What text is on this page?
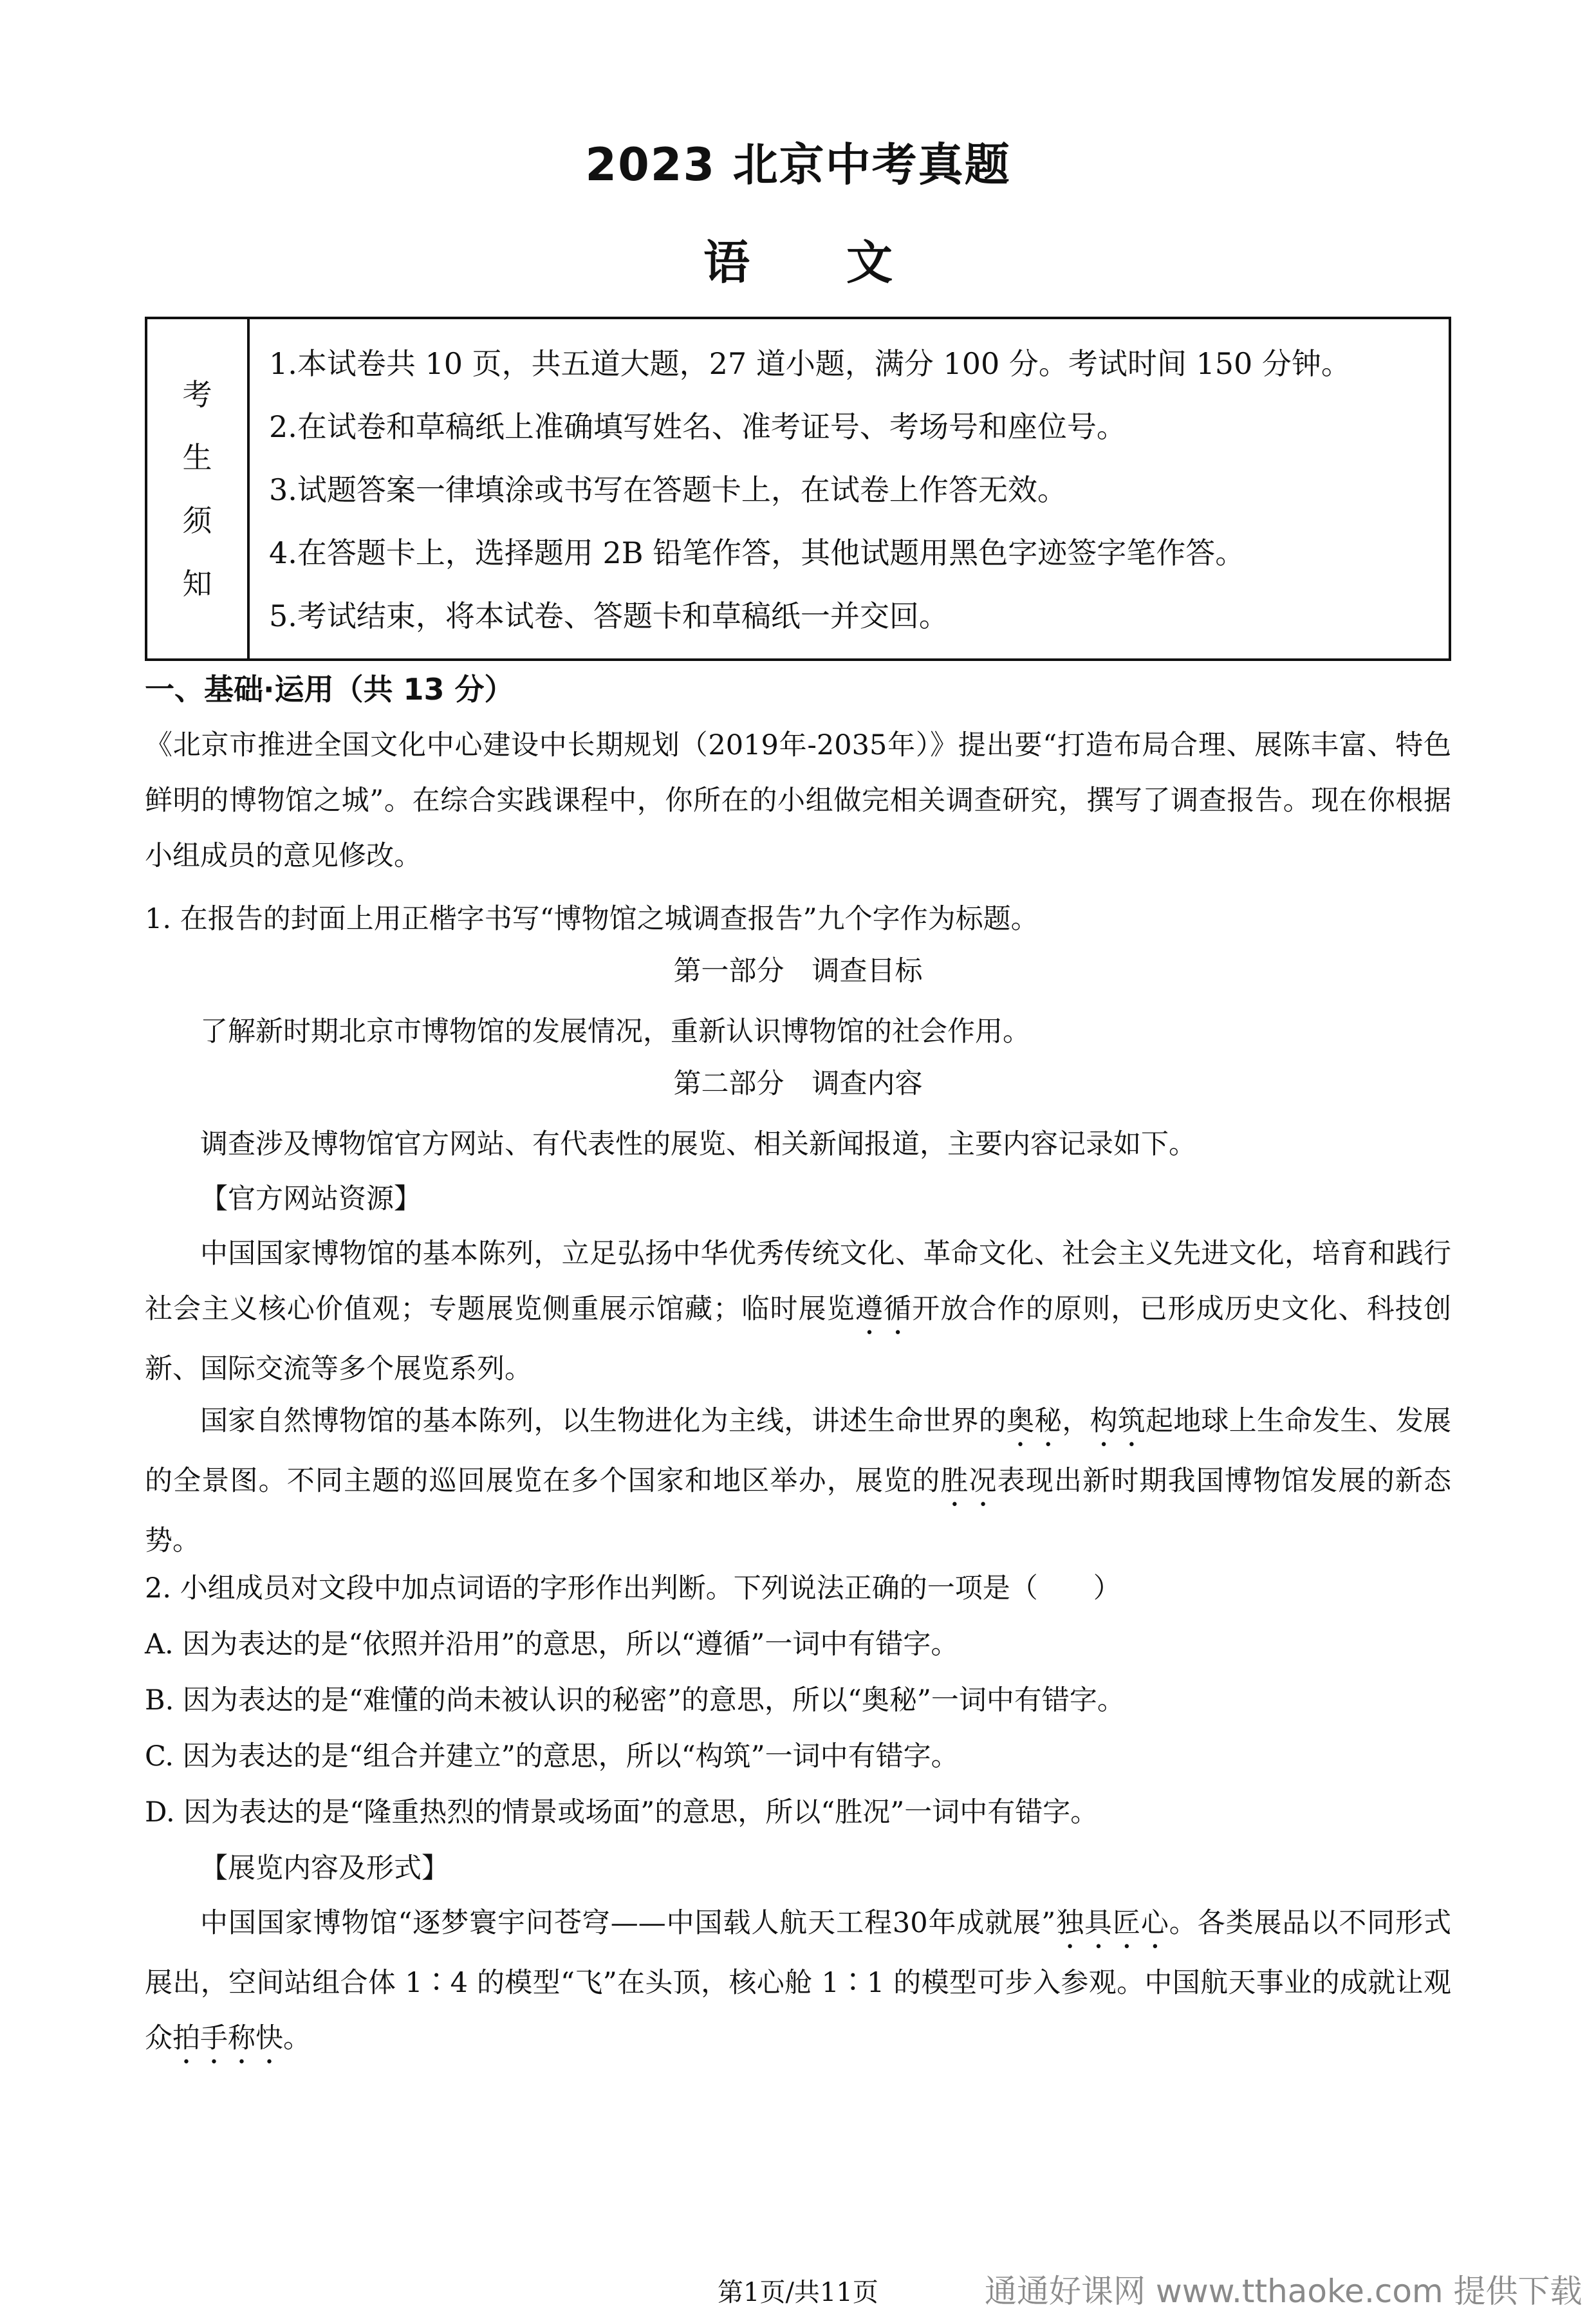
2023 北京中考真题
语文
考
生
须
知
1.本试卷共 10 页，共五道大题，27 道小题，满分 100 分。考试时间 150 分钟。
2.在试卷和草稿纸上准确填写姓名、准考证号、考场号和座位号。
3.试题答案一律填涂或书写在答题卡上，在试卷上作答无效。
4.在答题卡上，选择题用 2B 铅笔作答，其他试题用黑色字迹签字笔作答。
5.考试结束，将本试卷、答题卡和草稿纸一并交回。
一、基础·运用（共 13 分）
《北京市推进全国文化中心建设中长期规划（2019年-2035年）》提出要“打造布局合理、展陈丰富、特色鲜明的博物馆之城”。在综合实践课程中，你所在的小组做完相关调查研究，撰写了调查报告。现在你根据小组成员的意见修改。
1. 在报告的封面上用正楷字书写“博物馆之城调查报告”九个字作为标题。
第一部分　调查目标
了解新时期北京市博物馆的发展情况，重新认识博物馆的社会作用。
第二部分　调查内容
调查涉及博物馆官方网站、有代表性的展览、相关新闻报道，主要内容记录如下。
【官方网站资源】
中国国家博物馆的基本陈列，立足弘扬中华优秀传统文化、革命文化、社会主义先进文化，培育和践行社会主义核心价值观；专题展览侧重展示馆藏；临时展览遵循开放合作的原则，已形成历史文化、科技创新、国际交流等多个展览系列。
国家自然博物馆的基本陈列，以生物进化为主线，讲述生命世界的奥秘，构筑起地球上生命发生、发展的全景图。不同主题的巡回展览在多个国家和地区举办，展览的胜况表现出新时期我国博物馆发展的新态势。
2. 小组成员对文段中加点词语的字形作出判断。下列说法正确的一项是（　　）
A. 因为表达的是“依照并沿用”的意思，所以“遵循”一词中有错字。
B. 因为表达的是“难懂的尚未被认识的秘密”的意思，所以“奥秘”一词中有错字。
C. 因为表达的是“组合并建立”的意思，所以“构筑”一词中有错字。
D. 因为表达的是“隆重热烈的情景或场面”的意思，所以“胜况”一词中有错字。
【展览内容及形式】
中国国家博物馆“逐梦寰宇问苍穹——中国载人航天工程30年成就展”独具匠心。各类展品以不同形式展出，空间站组合体 1∶4 的模型“飞”在头顶，核心舱 1∶1 的模型可步入参观。中国航天事业的成就让观众拍手称快。
第1页/共11页	通通好课网 www.tthaoke.com 提供下载
